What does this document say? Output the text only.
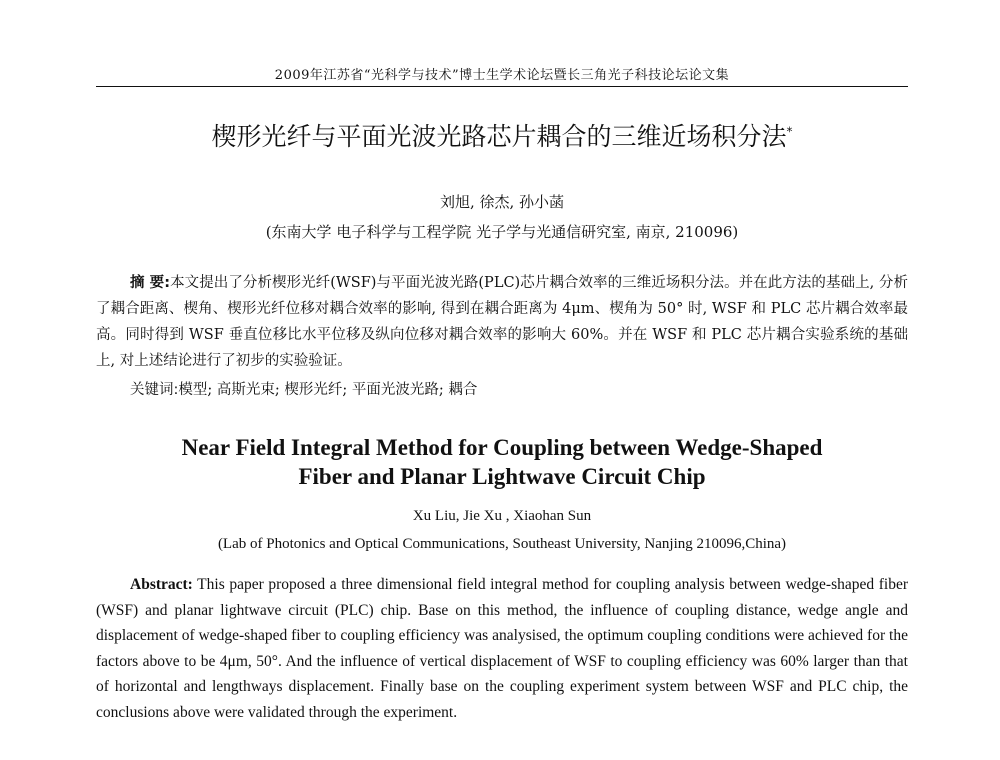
2009年江苏省“光科学与技术”博士生学术论坛暨长三角光子科技论坛论文集
楔形光纤与平面光波光路芯片耦合的三维近场积分法*
刘旭, 徐杰, 孙小菡
(东南大学 电子科学与工程学院 光子学与光通信研究室, 南京, 210096)
摘 要:本文提出了分析楔形光纤(WSF)与平面光波光路(PLC)芯片耦合效率的三维近场积分法。并在此方法的基础上, 分析了耦合距离、楔角、楔形光纤位移对耦合效率的影响, 得到在耦合距离为 4μm、楔角为 50° 时, WSF 和 PLC 芯片耦合效率最高。同时得到 WSF 垂直位移比水平位移及纵向位移对耦合效率的影响大 60%。并在 WSF 和 PLC 芯片耦合实验系统的基础上, 对上述结论进行了初步的实验验证。
关键词:模型; 高斯光束; 楔形光纤; 平面光波光路; 耦合
Near Field Integral Method for Coupling between Wedge-Shaped
Fiber and Planar Lightwave Circuit Chip
Xu Liu, Jie Xu , Xiaohan Sun
(Lab of Photonics and Optical Communications, Southeast University, Nanjing 210096,China)
Abstract: This paper proposed a three dimensional field integral method for coupling analysis between wedge-shaped fiber (WSF) and planar lightwave circuit (PLC) chip. Base on this method, the influence of coupling distance, wedge angle and displacement of wedge-shaped fiber to coupling efficiency was analysised, the optimum coupling conditions were achieved for the factors above to be 4μm, 50°. And the influence of vertical displacement of WSF to coupling efficiency was 60% larger than that of horizontal and lengthways displacement. Finally base on the coupling experiment system between WSF and PLC chip, the conclusions above were validated through the experiment.
